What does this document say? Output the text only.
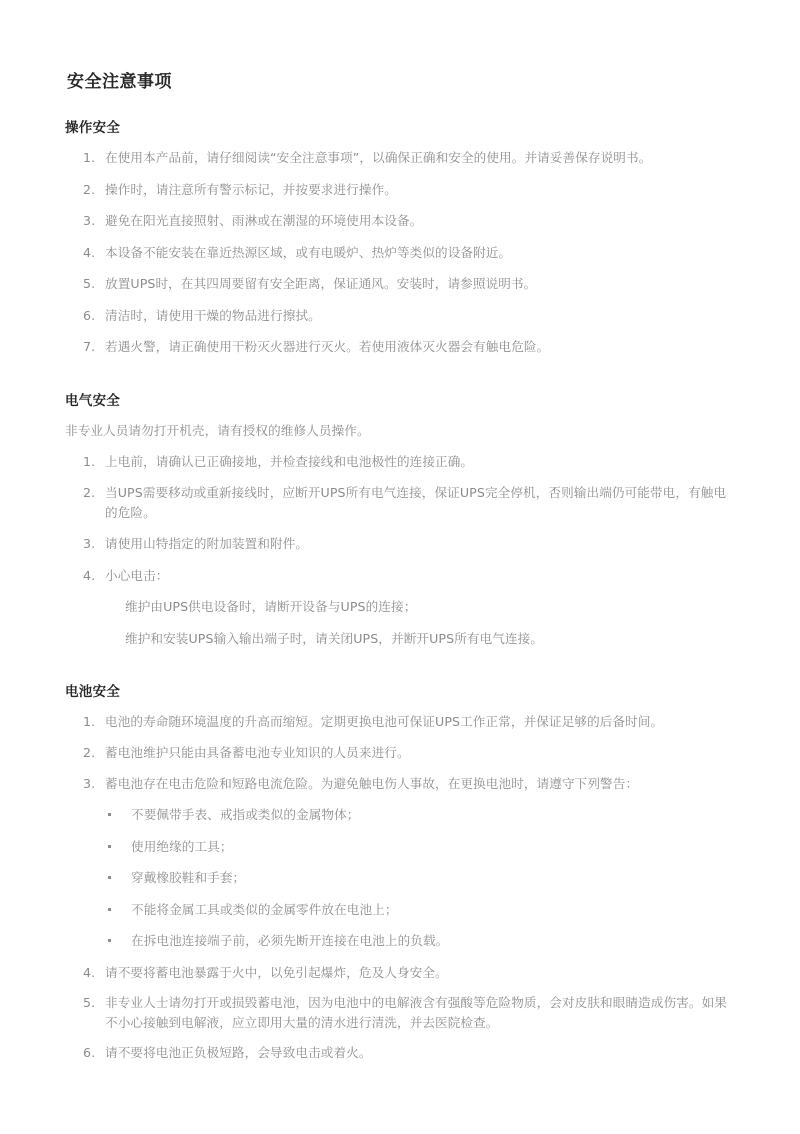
安全注意事项
操作安全
1. 在使用本产品前，请仔细阅读“安全注意事项”，以确保正确和安全的使用。并请妥善保存说明书。
2. 操作时，请注意所有警示标记，并按要求进行操作。
3. 避免在阳光直接照射、雨淋或在潮湿的环境使用本设备。
4. 本设备不能安装在靠近热源区域，或有电暖炉、热炉等类似的设备附近。
5. 放置UPS时，在其四周要留有安全距离，保证通风。安装时，请参照说明书。
6. 清洁时，请使用干燥的物品进行擦拭。
7. 若遇火警，请正确使用干粉灭火器进行灭火。若使用液体灭火器会有触电危险。
电气安全

非专业人员请勿打开机壳，请有授权的维修人员操作。

1. 上电前，请确认已正确接地，并检查接线和电池极性的连接正确。
2. 当UPS需要移动或重新接线时，应断开UPS所有电气连接，保证UPS完全停机，否则输出端仍可能带电，有触电的危险。
3. 请使用山特指定的附加装置和附件。
4. 小心电击：
维护由UPS供电设备时，请断开设备与UPS的连接；
维护和安装UPS输入输出端子时，请关闭UPS，并断开UPS所有电气连接。
电池安全
1. 电池的寿命随环境温度的升高而缩短。定期更换电池可保证UPS工作正常，并保证足够的后备时间。
2. 蓄电池维护只能由具备蓄电池专业知识的人员来进行。
3. 蓄电池存在电击危险和短路电流危险。为避免触电伤人事故，在更换电池时，请遵守下列警告：
不要佩带手表、戒指或类似的金属物体；
使用绝缘的工具；
穿戴橡胶鞋和手套；
不能将金属工具或类似的金属零件放在电池上；
在拆电池连接端子前，必须先断开连接在电池上的负载。
4. 请不要将蓄电池暴露于火中，以免引起爆炸，危及人身安全。
5. 非专业人士请勿打开或损毁蓄电池，因为电池中的电解液含有强酸等危险物质，会对皮肤和眼睛造成伤害。如果不小心接触到电解液，应立即用大量的清水进行清洗，并去医院检查。
6. 请不要将电池正负极短路，会导致电击或着火。
